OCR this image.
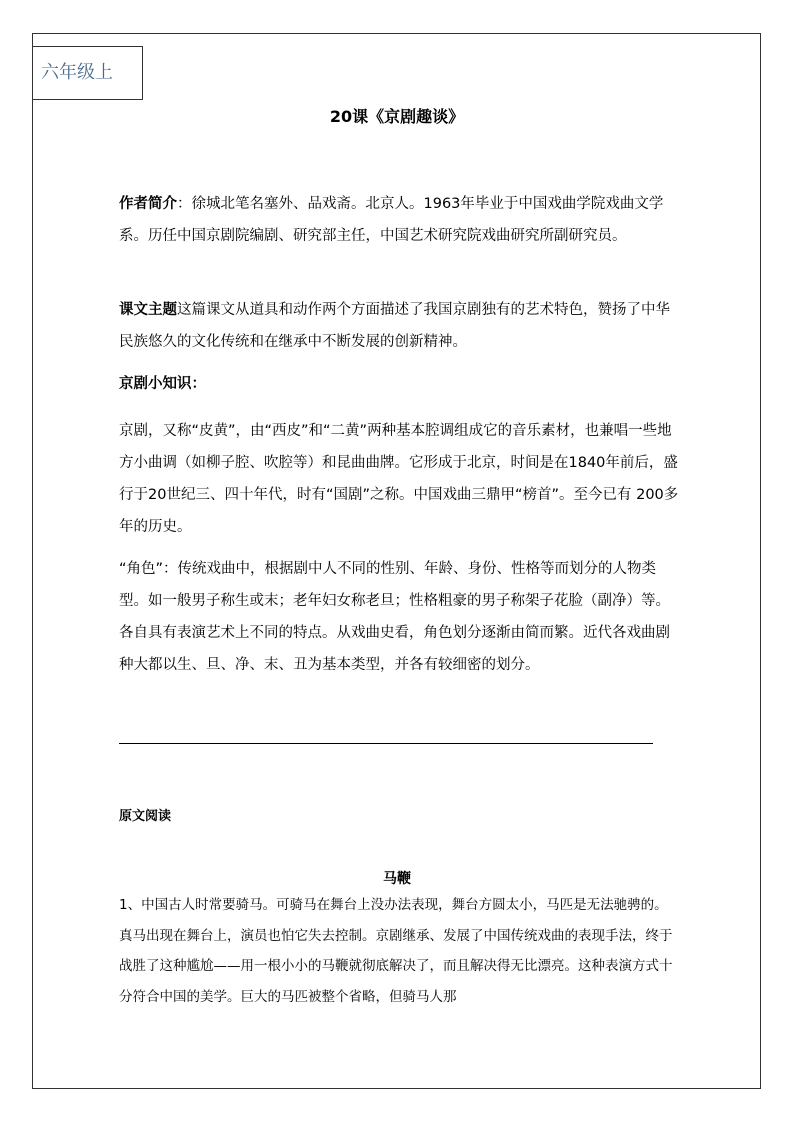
六年级上
20课《京剧趣谈》

作者简介：徐城北笔名塞外、品戏斋。北京人。1963年毕业于中国戏曲学院戏曲文学系。历任中国京剧院编剧、研究部主任，中国艺术研究院戏曲研究所副研究员。

课文主题这篇课文从道具和动作两个方面描述了我国京剧独有的艺术特色，赞扬了中华民族悠久的文化传统和在继承中不断发展的创新精神。

京剧小知识：

京剧，又称“皮黄”，由“西皮”和“二黄”两种基本腔调组成它的音乐素材，也兼唱一些地方小曲调（如柳子腔、吹腔等）和昆曲曲牌。它形成于北京，时间是在1840年前后，盛行于20世纪三、四十年代，时有“国剧”之称。中国戏曲三鼎甲“榜首”。至今已有 200多年的历史。

“角色”：传统戏曲中，根据剧中人不同的性别、年龄、身份、性格等而划分的人物类型。如一般男子称生或末；老年妇女称老旦；性格粗豪的男子称架子花脸（副净）等。各自具有表演艺术上不同的特点。从戏曲史看，角色划分逐渐由简而繁。近代各戏曲剧种大都以生、旦、净、末、丑为基本类型，并各有较细密的划分。

原文阅读
马鞭

1、中国古人时常要骑马。可骑马在舞台上没办法表现，舞台方圆太小，马匹是无法驰骋的。真马出现在舞台上，演员也怕它失去控制。京剧继承、发展了中国传统戏曲的表现手法，终于战胜了这种尴尬——用一根小小的马鞭就彻底解决了，而且解决得无比漂亮。这种表演方式十分符合中国的美学。巨大的马匹被整个省略，但骑马人那
